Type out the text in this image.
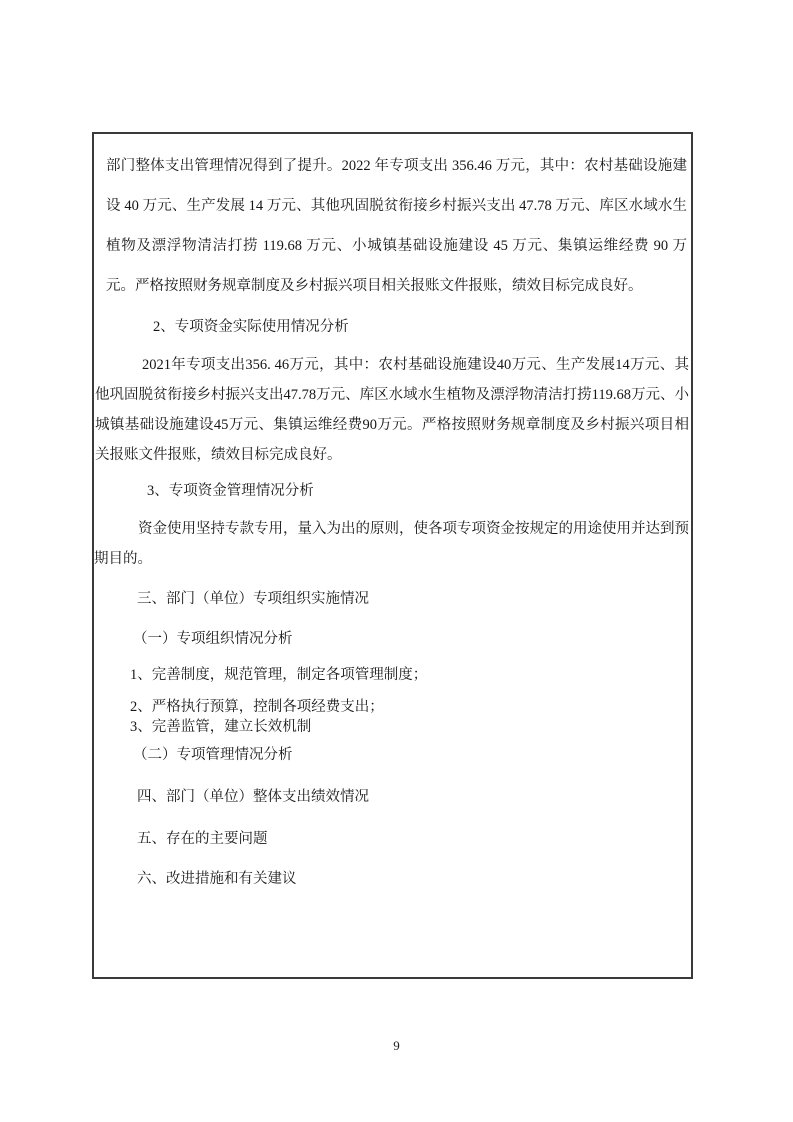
部门整体支出管理情况得到了提升。2022 年专项支出 356.46 万元，其中：农村基础设施建设 40 万元、生产发展 14 万元、其他巩固脱贫衔接乡村振兴支出 47.78 万元、库区水域水生植物及漂浮物清洁打捞 119.68 万元、小城镇基础设施建设 45 万元、集镇运维经费 90 万元。严格按照财务规章制度及乡村振兴项目相关报账文件报账，绩效目标完成良好。

2、专项资金实际使用情况分析

2021年专项支出356. 46万元，其中：农村基础设施建设40万元、生产发展14万元、其他巩固脱贫衔接乡村振兴支出47.78万元、库区水域水生植物及漂浮物清洁打捞119.68万元、小城镇基础设施建设45万元、集镇运维经费90万元。严格按照财务规章制度及乡村振兴项目相关报账文件报账，绩效目标完成良好。

3、专项资金管理情况分析

资金使用坚持专款专用，量入为出的原则，使各项专项资金按规定的用途使用并达到预期目的。

三、部门（单位）专项组织实施情况

（一）专项组织情况分析

1、完善制度，规范管理，制定各项管理制度；

2、严格执行预算，控制各项经费支出；

3、完善监管，建立长效机制

（二）专项管理情况分析

四、部门（单位）整体支出绩效情况

五、存在的主要问题

六、改进措施和有关建议

9
